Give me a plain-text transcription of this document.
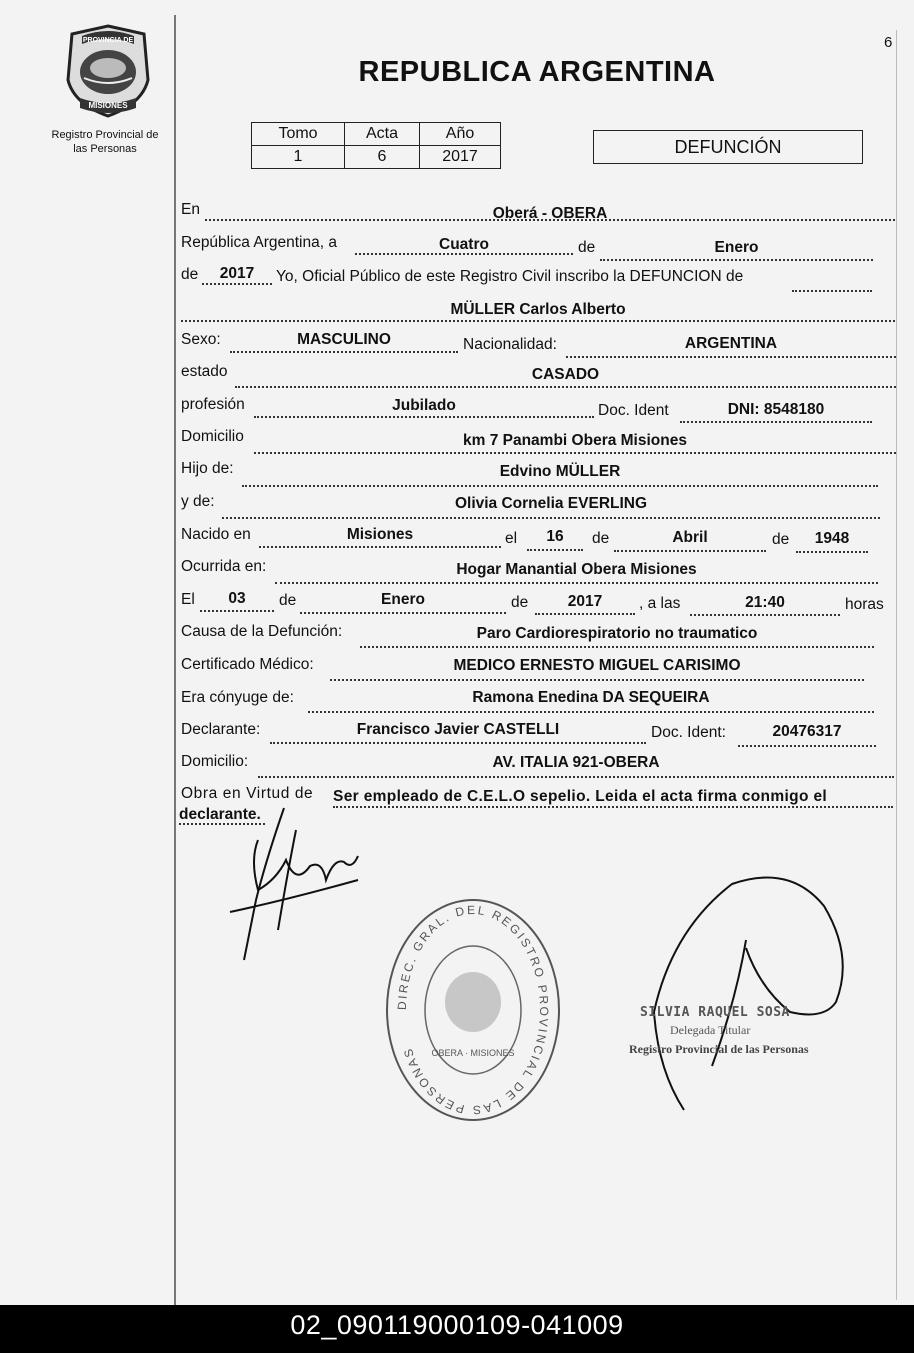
6
PROVINCIA DE
MISIONES
Registro Provincial de
las Personas
REPUBLICA ARGENTINA
Tomo	Acta	Año
1	6	2017	DEFUNCIÓN
En	Oberá - OBERA
República Argentina, a	Cuatro	de	Enero
de	2017	Yo, Oficial Público de este Registro Civil inscribo la DEFUNCION de
MÜLLER Carlos Alberto
Sexo:	MASCULINO	Nacionalidad:	ARGENTINA
estado	CASADO
profesión	Jubilado	Doc. Ident	DNI: 8548180
Domicilio	km 7 Panambi Obera Misiones
Hijo de:	Edvino MÜLLER
y de:	Olivia Cornelia EVERLING
Nacido en	Misiones	el	16	de	Abril	de	1948
Ocurrida en:	Hogar Manantial Obera Misiones
El	03	de	Enero	de	2017	, a las	21:40	horas
Causa de la Defunción:	Paro Cardiorespiratorio no traumatico
Certificado Médico:	MEDICO ERNESTO MIGUEL CARISIMO
Era cónyuge de:	Ramona Enedina DA SEQUEIRA
Declarante:	Francisco Javier CASTELLI	Doc. Ident:	20476317
Domicilio:	AV. ITALIA 921-OBERA
Obra en Virtud de Ser empleado de C.E.L.O sepelio. Leida el acta firma conmigo el
declarante.
DIREC. GRAL. DEL REGISTRO PROVINCIAL DE LAS PERSONAS	OBERA · MISIONES
SILVIA RAQUEL SOSA
Delegada Titular
Registro Provincial de las Personas
02_090119000109-041009
